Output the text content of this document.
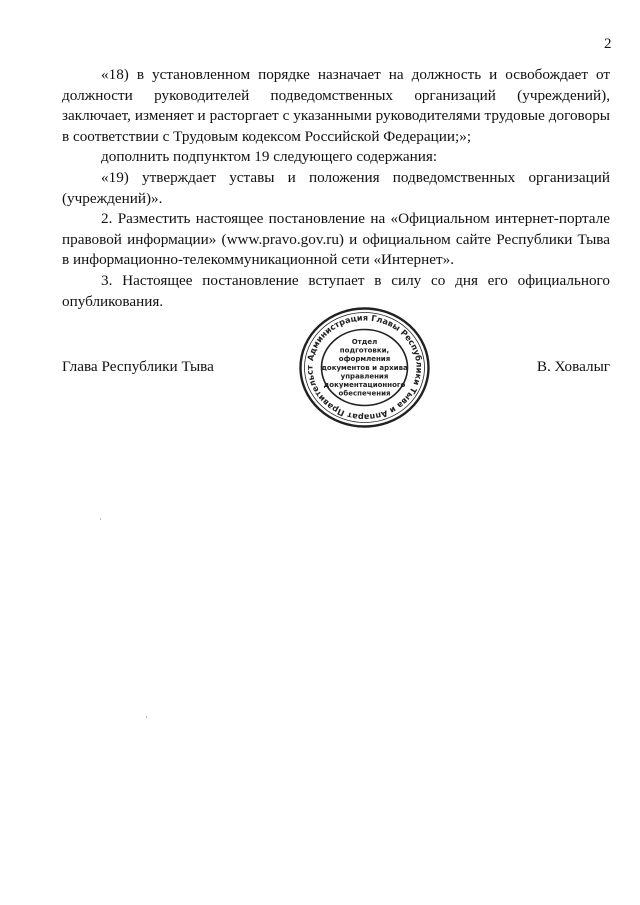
2

«18) в установленном порядке назначает на должность и освобождает от должности руководителей подведомственных организаций (учреждений), заключает, изменяет и расторгает с указанными руководителями трудовые договоры в соответствии с Трудовым кодексом Российской Федерации;»;

дополнить подпунктом 19 следующего содержания:

«19) утверждает уставы и положения подведомственных организаций (учреждений)».

2. Разместить настоящее постановление на «Официальном интернет-портале правовой информации» (www.pravo.gov.ru) и официальном сайте Республики Тыва в информационно-телекоммуникационной сети «Интернет».

3. Настоящее постановление вступает в силу со дня его официального опубликования.

Глава Республики Тыва	В. Ховалыг
Администрация Главы Республики Тыва и Аппарат Правительст
Отдел
подготовки,
оформления
документов и архива
управления
документационного
обеспечения
